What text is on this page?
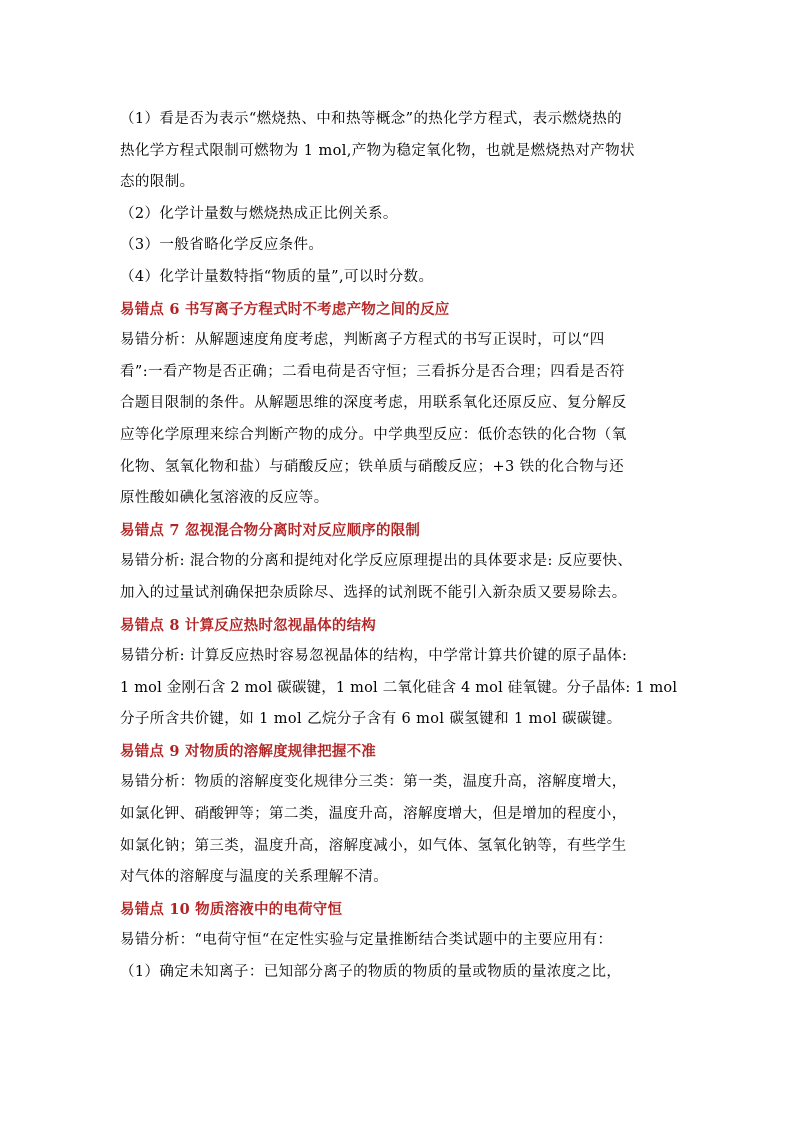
（1）看是否为表示“燃烧热、中和热等概念”的热化学方程式，表示燃烧热的
热化学方程式限制可燃物为 1 mol,产物为稳定氧化物，也就是燃烧热对产物状
态的限制。
（2）化学计量数与燃烧热成正比例关系。
（3）一般省略化学反应条件。
（4）化学计量数特指“物质的量”,可以时分数。
易错点 6 书写离子方程式时不考虑产物之间的反应
易错分析：从解题速度角度考虑，判断离子方程式的书写正误时，可以“四
看”:一看产物是否正确；二看电荷是否守恒；三看拆分是否合理；四看是否符
合题目限制的条件。从解题思维的深度考虑，用联系氧化还原反应、复分解反
应等化学原理来综合判断产物的成分。中学典型反应：低价态铁的化合物（氧
化物、氢氧化物和盐）与硝酸反应；铁单质与硝酸反应；+3 铁的化合物与还
原性酸如碘化氢溶液的反应等。
易错点 7 忽视混合物分离时对反应顺序的限制
易错分析: 混合物的分离和提纯对化学反应原理提出的具体要求是: 反应要快、
加入的过量试剂确保把杂质除尽、选择的试剂既不能引入新杂质又要易除去。
易错点 8 计算反应热时忽视晶体的结构
易错分析: 计算反应热时容易忽视晶体的结构，中学常计算共价键的原子晶体:
1 mol 金刚石含 2 mol 碳碳键，1 mol 二氧化硅含 4 mol 硅氧键。分子晶体: 1 mol
分子所含共价键，如 1 mol 乙烷分子含有 6 mol 碳氢键和 1 mol 碳碳键。
易错点 9 对物质的溶解度规律把握不准
易错分析：物质的溶解度变化规律分三类：第一类，温度升高，溶解度增大，
如氯化钾、硝酸钾等；第二类，温度升高，溶解度增大，但是增加的程度小，
如氯化钠；第三类，温度升高，溶解度减小，如气体、氢氧化钠等，有些学生
对气体的溶解度与温度的关系理解不清。
易错点 10 物质溶液中的电荷守恒
易错分析：“电荷守恒“在定性实验与定量推断结合类试题中的主要应用有：
（1）确定未知离子：已知部分离子的物质的物质的量或物质的量浓度之比，
